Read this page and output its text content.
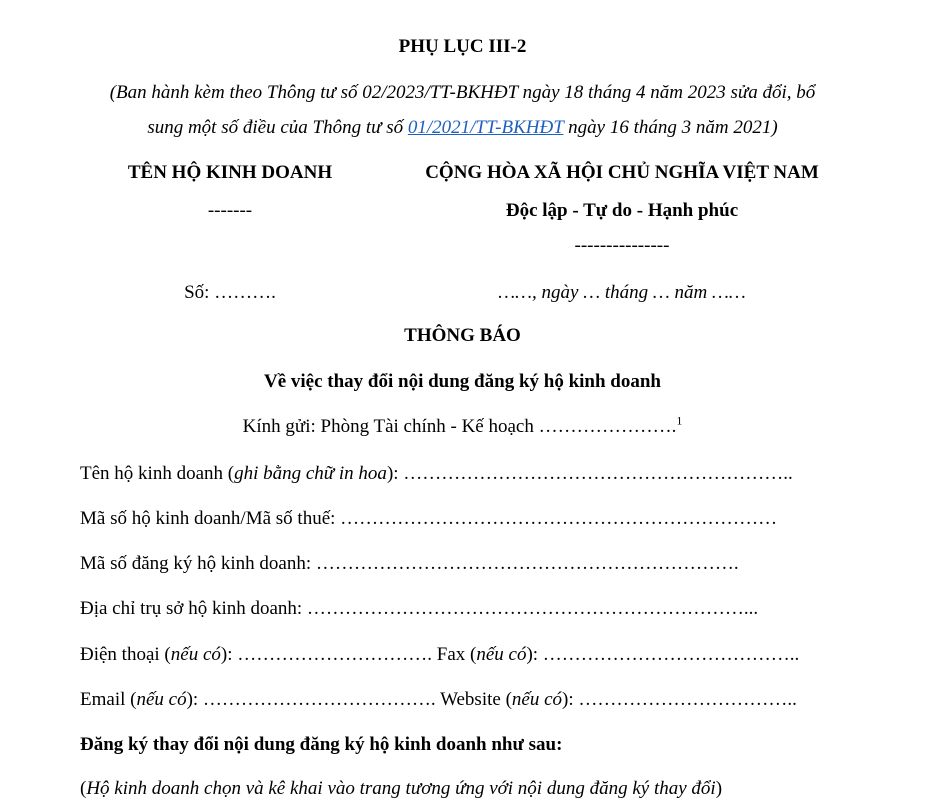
PHỤ LỤC III-2
(Ban hành kèm theo Thông tư số 02/2023/TT-BKHĐT ngày 18 tháng 4 năm 2023 sửa đổi, bổ
sung một số điều của Thông tư số 01/2021/TT-BKHĐT ngày 16 tháng 3 năm 2021)
TÊN HỘ KINH DOANH
-------
Số: ……….
CỘNG HÒA XÃ HỘI CHỦ NGHĨA VIỆT NAM
Độc lập - Tự do - Hạnh phúc
---------------
……, ngày … tháng … năm ……
THÔNG BÁO
Về việc thay đổi nội dung đăng ký hộ kinh doanh
Kính gửi: Phòng Tài chính - Kế hoạch ………………….$^1$
Tên hộ kinh doanh (ghi bằng chữ in hoa): ……………………………………………………..
Mã số hộ kinh doanh/Mã số thuế: ……………………………………………………………
Mã số đăng ký hộ kinh doanh: ………………………………………………………….
Địa chỉ trụ sở hộ kinh doanh: ……………………………………………………………...
Điện thoại (nếu có): …………………………. Fax (nếu có): …………………………………..
Email (nếu có): ………………………………. Website (nếu có): ……………………………..
Đăng ký thay đổi nội dung đăng ký hộ kinh doanh như sau:
(Hộ kinh doanh chọn và kê khai vào trang tương ứng với nội dung đăng ký thay đổi)
